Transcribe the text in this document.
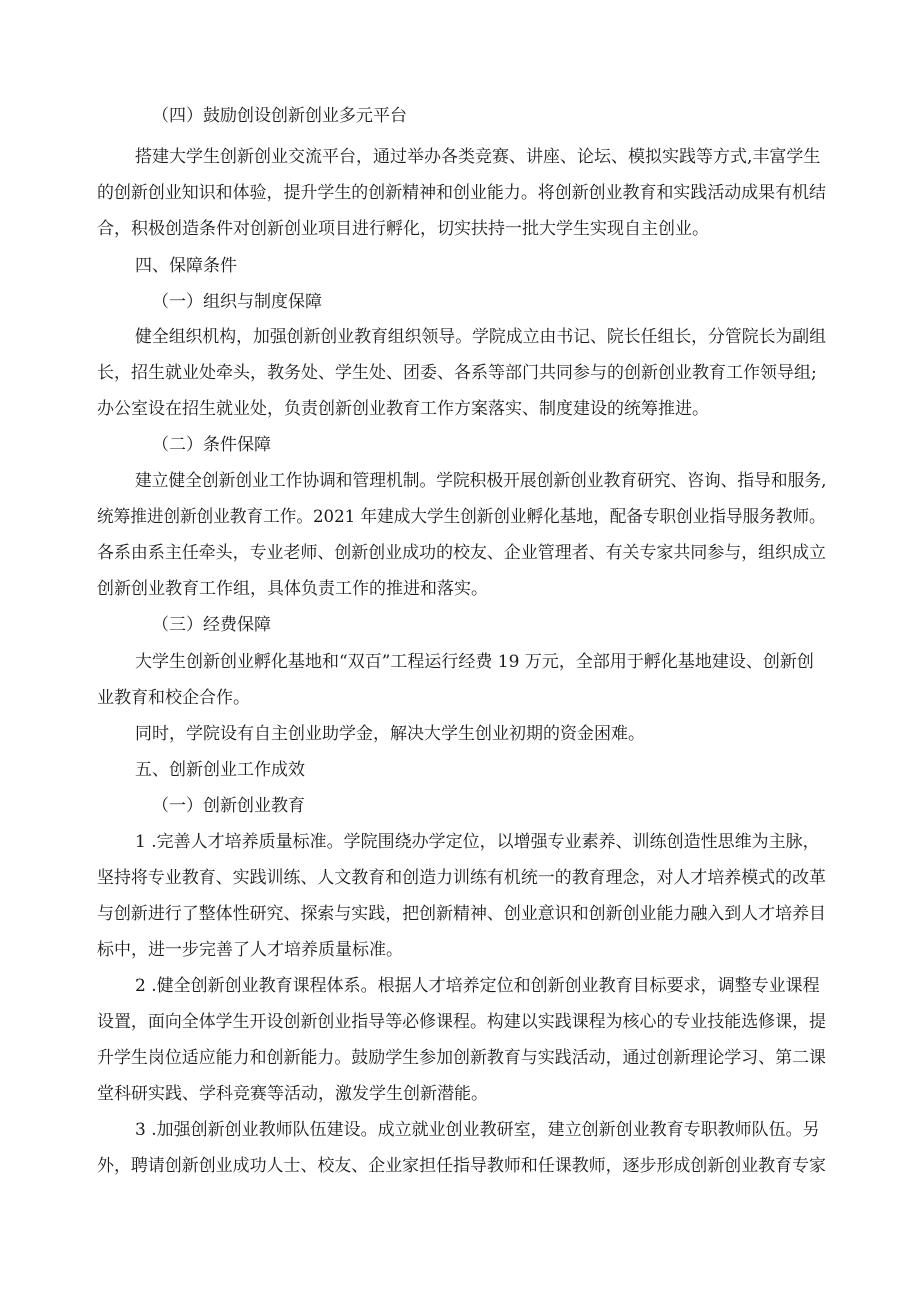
（四）鼓励创设创新创业多元平台

搭建大学生创新创业交流平台，通过举办各类竞赛、讲座、论坛、模拟实践等方式,丰富学生

的创新创业知识和体验，提升学生的创新精神和创业能力。将创新创业教育和实践活动成果有机结

合，积极创造条件对创新创业项目进行孵化，切实扶持一批大学生实现自主创业。

四、保障条件

（一）组织与制度保障

健全组织机构，加强创新创业教育组织领导。学院成立由书记、院长任组长，分管院长为副组

长，招生就业处牵头，教务处、学生处、团委、各系等部门共同参与的创新创业教育工作领导组;

办公室设在招生就业处，负责创新创业教育工作方案落实、制度建设的统筹推进。

（二）条件保障

建立健全创新创业工作协调和管理机制。学院积极开展创新创业教育研究、咨询、指导和服务,

统筹推进创新创业教育工作。2021 年建成大学生创新创业孵化基地，配备专职创业指导服务教师。

各系由系主任牵头，专业老师、创新创业成功的校友、企业管理者、有关专家共同参与，组织成立

创新创业教育工作组，具体负责工作的推进和落实。

（三）经费保障

大学生创新创业孵化基地和“双百”工程运行经费 19 万元，全部用于孵化基地建设、创新创

业教育和校企合作。

同时，学院设有自主创业助学金，解决大学生创业初期的资金困难。

五、创新创业工作成效

（一）创新创业教育

1 .完善人才培养质量标准。学院围绕办学定位，以增强专业素养、训练创造性思维为主脉，

坚持将专业教育、实践训练、人文教育和创造力训练有机统一的教育理念，对人才培养模式的改革

与创新进行了整体性研究、探索与实践，把创新精神、创业意识和创新创业能力融入到人才培养目

标中，进一步完善了人才培养质量标准。

2 .健全创新创业教育课程体系。根据人才培养定位和创新创业教育目标要求，调整专业课程

设置，面向全体学生开设创新创业指导等必修课程。构建以实践课程为核心的专业技能选修课，提

升学生岗位适应能力和创新能力。鼓励学生参加创新教育与实践活动，通过创新理论学习、第二课

堂科研实践、学科竞赛等活动，激发学生创新潜能。

3 .加强创新创业教师队伍建设。成立就业创业教研室，建立创新创业教育专职教师队伍。另

外，聘请创新创业成功人士、校友、企业家担任指导教师和任课教师，逐步形成创新创业教育专家
